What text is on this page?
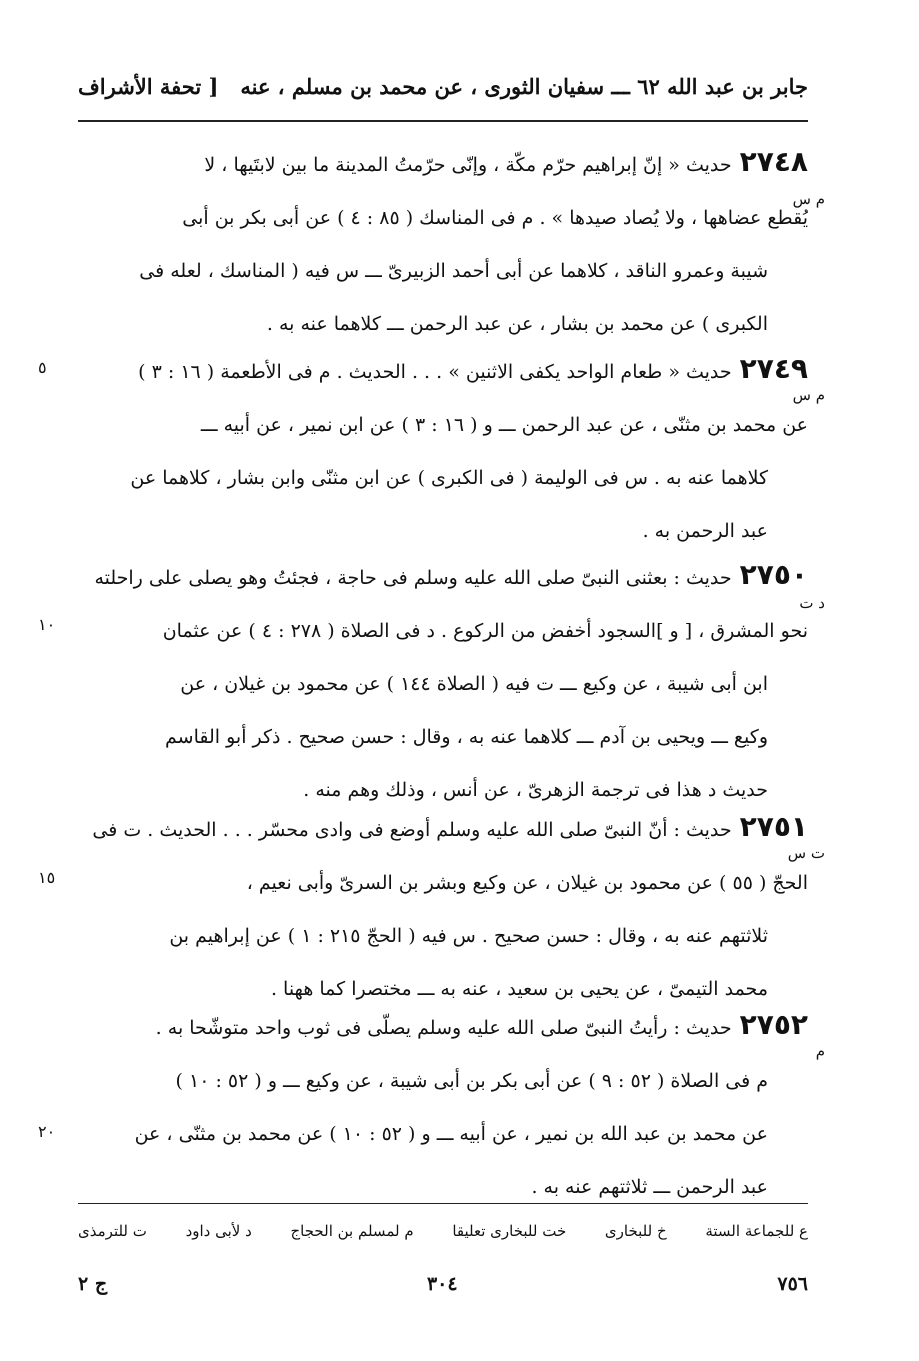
جابر بن عبد الله ٦٢ ـــ سفيان الثورى ، عن محمد بن مسلم ، عنه
[ تحفة الأشراف
٢٧٤٨حديث « إنّ إبراهيم حرّم مكّة ، وإنّى حرّمتُ المدينة ما بين لابتَيها ، لا
يُقطع عضاهها ، ولا يُصاد صيدها » . م فى المناسك ( ٨٥ : ٤ ) عن أبى بكر بن أبى
شيبة وعمرو الناقد ، كلاهما عن أبى أحمد الزبيرىّ ـــ س فيه ( المناسك ، لعله فى
الكبرى ) عن محمد بن بشار ، عن عبد الرحمن ـــ كلاهما عنه به .
م س
٢٧٤٩حديث « طعام الواحد يكفى الاثنين » . . . الحديث . م فى الأطعمة ( ١٦ : ٣ )
عن محمد بن مثنّى ، عن عبد الرحمن ـــ و ( ١٦ : ٣ ) عن ابن نمير ، عن أبيه ـــ
كلاهما عنه به . س فى الوليمة ( فى الكبرى ) عن ابن مثنّى وابن بشار ، كلاهما عن
عبد الرحمن به .
م س
٥
٢٧٥٠حديث : بعثنى النبىّ صلى الله عليه وسلم فى حاجة ، فجئتُ وهو يصلى على راحلته
نحو المشرق ، [ و ]السجود أخفض من الركوع . د فى الصلاة ( ٢٧٨ : ٤ ) عن عثمان
ابن أبى شيبة ، عن وكيع ـــ ت فيه ( الصلاة ١٤٤ ) عن محمود بن غيلان ، عن
وكيع ـــ ويحيى بن آدم ـــ كلاهما عنه به ، وقال : حسن صحيح . ذكر أبو القاسم
حديث د هذا فى ترجمة الزهرىّ ، عن أنس ، وذلك وهم منه .
د ت
١٠
٢٧٥١حديث : أنّ النبىّ صلى الله عليه وسلم أوضع فى وادى محسّر . . . الحديث . ت فى
الحجّ ( ٥٥ ) عن محمود بن غيلان ، عن وكيع وبشر بن السرىّ وأبى نعيم ،
ثلاثتهم عنه به ، وقال : حسن صحيح . س فيه ( الحجّ ٢١٥ : ١ ) عن إبراهيم بن
محمد التيمىّ ، عن يحيى بن سعيد ، عنه به ـــ مختصرا كما ههنا .
ت س
١٥
٢٧٥٢حديث : رأيتُ النبىّ صلى الله عليه وسلم يصلّى فى ثوب واحد متوشّحا به .
م فى الصلاة ( ٥٢ : ٩ ) عن أبى بكر بن أبى شيبة ، عن وكيع ـــ و ( ٥٢ : ١٠ )
عن محمد بن عبد الله بن نمير ، عن أبيه ـــ و ( ٥٢ : ١٠ ) عن محمد بن مثنّى ، عن
عبد الرحمن ـــ ثلاثتهم عنه به .
م
٢٠
ع للجماعة الستة
خ للبخارى
خت للبخارى تعليقا
م لمسلم بن الحجاج
د لأبى داود
ت للترمذى
٧٥٦
٣٠٤
ج ٢
